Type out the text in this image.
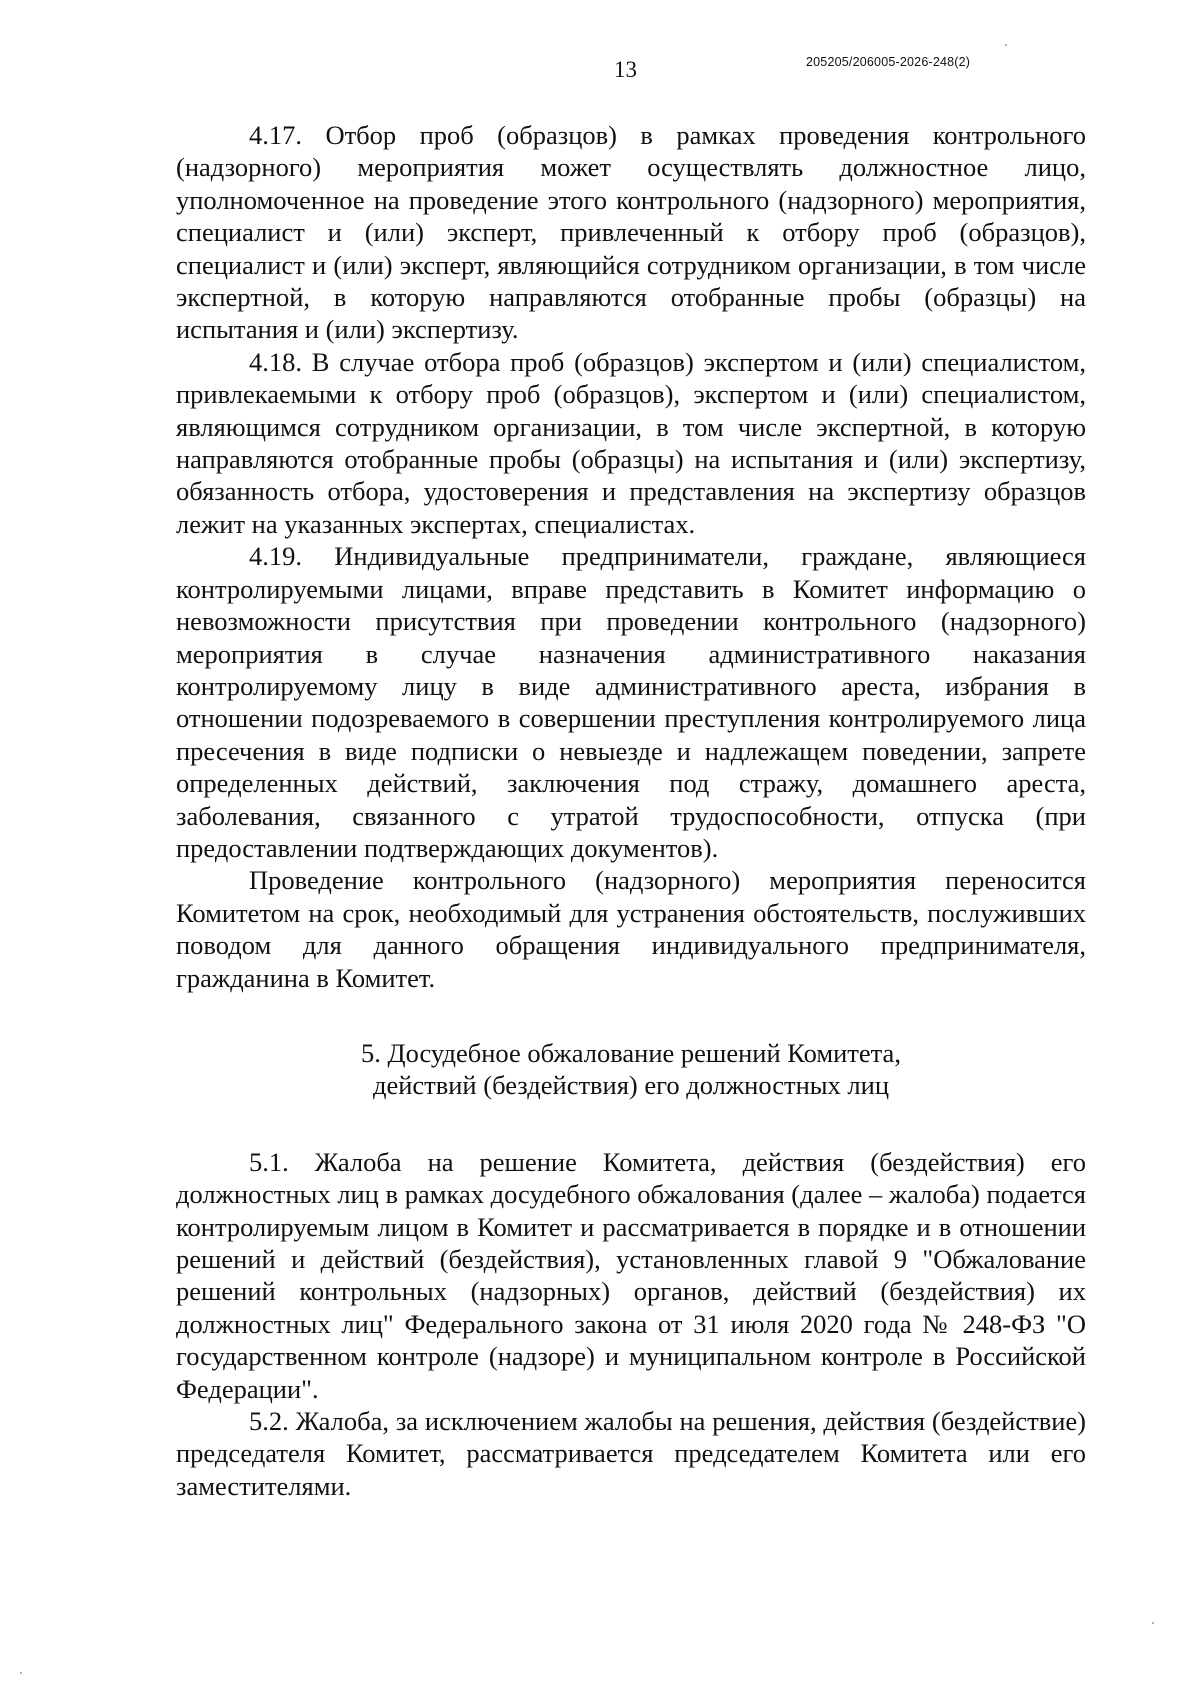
13	205205/206005-2026-248(2)

4.17. Отбор проб (образцов) в рамках проведения контрольного (надзорного) мероприятия может осуществлять должностное лицо, уполномоченное на проведение этого контрольного (надзорного) мероприятия, специалист и (или) эксперт, привлеченный к отбору проб (образцов), специалист и (или) эксперт, являющийся сотрудником организации, в том числе экспертной, в которую направляются отобранные пробы (образцы) на испытания и (или) экспертизу.

4.18. В случае отбора проб (образцов) экспертом и (или) специалистом, привлекаемыми к отбору проб (образцов), экспертом и (или) специалистом, являющимся сотрудником организации, в том числе экспертной, в которую направляются отобранные пробы (образцы) на испытания и (или) экспертизу, обязанность отбора, удостоверения и представления на экспертизу образцов лежит на указанных экспертах, специалистах.

4.19. Индивидуальные предприниматели, граждане, являющиеся контролируемыми лицами, вправе представить в Комитет информацию о невозможности присутствия при проведении контрольного (надзорного) мероприятия в случае назначения административного наказания контролируемому лицу в виде административного ареста, избрания в отношении подозреваемого в совершении преступления контролируемого лица пресечения в виде подписки о невыезде и надлежащем поведении, запрете определенных действий, заключения под стражу, домашнего ареста, заболевания, связанного с утратой трудоспособности, отпуска (при предоставлении подтверждающих документов).

Проведение контрольного (надзорного) мероприятия переносится Комитетом на срок, необходимый для устранения обстоятельств, послуживших поводом для данного обращения индивидуального предпринимателя, гражданина в Комитет.

5. Досудебное обжалование решений Комитета,
действий (бездействия) его должностных лиц

5.1. Жалоба на решение Комитета, действия (бездействия) его должностных лиц в рамках досудебного обжалования (далее – жалоба) подается контролируемым лицом в Комитет и рассматривается в порядке и в отношении решений и действий (бездействия), установленных главой 9 "Обжалование решений контрольных (надзорных) органов, действий (бездействия) их должностных лиц" Федерального закона от 31 июля 2020 года № 248-ФЗ "О государственном контроле (надзоре) и муниципальном контроле в Российской Федерации".

5.2. Жалоба, за исключением жалобы на решения, действия (бездействие) председателя Комитет, рассматривается председателем Комитета или его заместителями.
